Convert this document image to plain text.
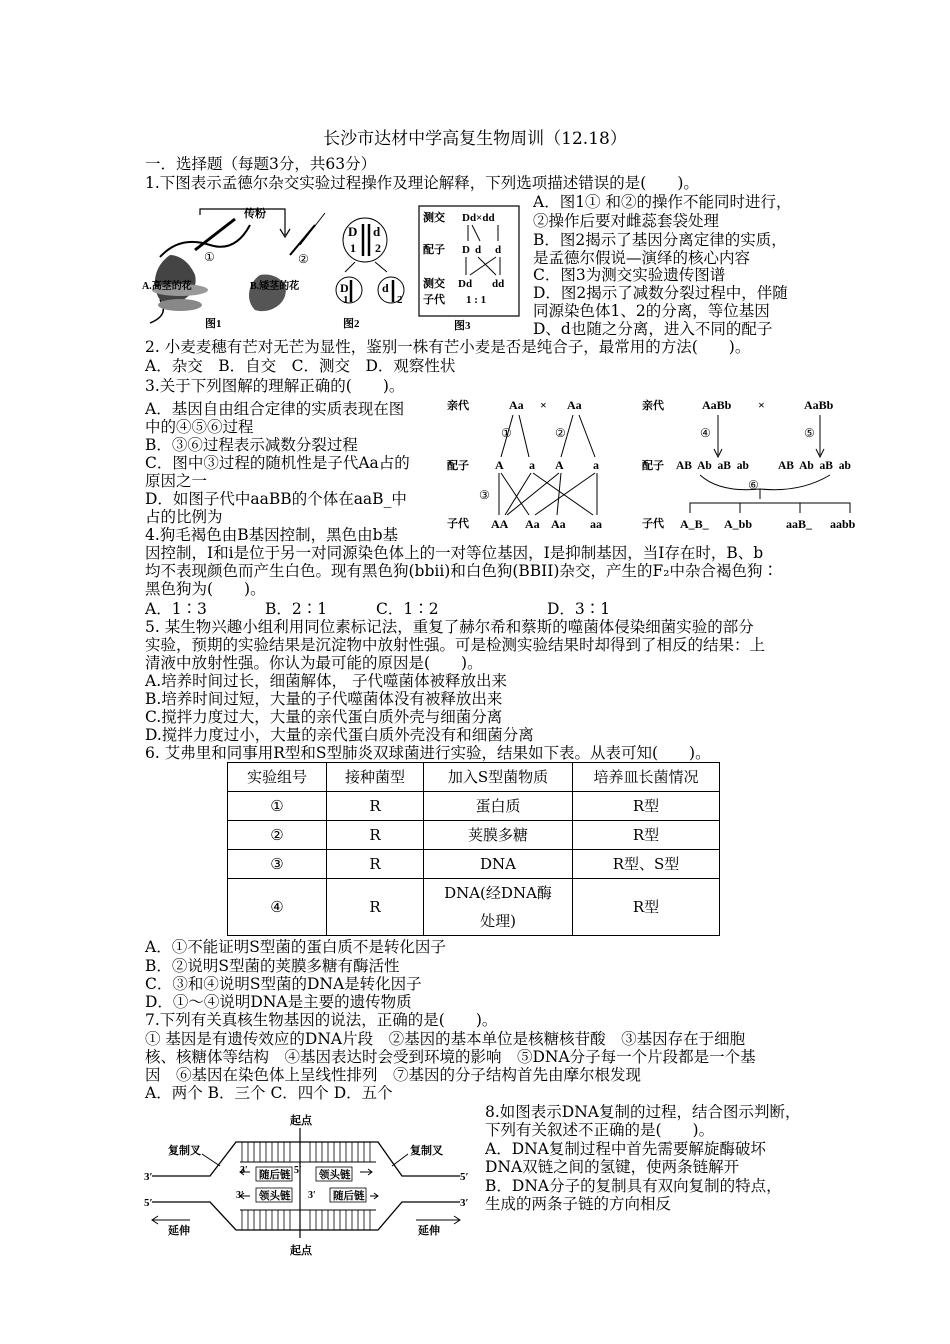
长沙市达材中学高复生物周训（12.18）
一．选择题（每题3分，共63分）
1.下图表示孟德尔杂交实验过程操作及理论解释，下列选项描述错误的是(　　)。
A．图1① 和②的操作不能同时进行，
②操作后要对雌蕊套袋处理
B．图2揭示了基因分离定律的实质，
是孟德尔假说—演绎的核心内容
C．图3为测交实验遗传图谱
D．图2揭示了减数分裂过程中，伴随
同源染色体1、2的分离，等位基因
D、d也随之分离，进入不同的配子
①	②
传粉
A.高茎的花	B.矮茎的花
图1
D d
1 2
D	d
1	2
图2
测交 Dd×dd
配子 D d d
测交 Dd dd
子代 1 : 1
图3
2. 小麦麦穗有芒对无芒为显性，鉴别一株有芒小麦是否是纯合子，最常用的方法(　　)。
A．杂交　B．自交　C．测交　D．观察性状
3.关于下列图解的理解正确的(　　)。
A．基因自由组合定律的实质表现在图
中的④⑤⑥过程
B．③⑥过程表示减数分裂过程
C．图中③过程的随机性是子代Aa占的
原因之一
D．如图子代中aaBB的个体在aaB_中
占的比例为
亲代	Aa × Aa
①	②
配子 A a A a
③
子代 AA Aa Aa aa
亲代	AaBb ×	AaBb
④	⑤
配子 AB  Ab  aB  ab	AB  Ab  aB  ab
⑥
子代 A_B_ A_bb	aaB_ aabb
4.狗毛褐色由B基因控制，黑色由b基
因控制，I和i是位于另一对同源染色体上的一对等位基因，I是抑制基因，当I存在时，B、b
均不表现颜色而产生白色。现有黑色狗(bbii)和白色狗(BBII)杂交，产生的F₂中杂合褐色狗∶
黑色狗为(　　)。
A．1∶3	B．2∶1	C．1∶2	D．3∶1
5. 某生物兴趣小组利用同位素标记法，重复了赫尔希和蔡斯的噬菌体侵染细菌实验的部分
实验，预期的实验结果是沉淀物中放射性强。可是检测实验结果时却得到了相反的结果：上
清液中放射性强。你认为最可能的原因是(　　)。
A.培养时间过长，细菌解体， 子代噬菌体被释放出来
B.培养时间过短，大量的子代噬菌体没有被释放出来
C.搅拌力度过大，大量的亲代蛋白质外壳与细菌分离
D.搅拌力度过小，大量的亲代蛋白质外壳没有和细菌分离
6. 艾弗里和同事用R型和S型肺炎双球菌进行实验，结果如下表。从表可知(　　)。
实验组号	接种菌型	加入S型菌物质	培养皿长菌情况
①	R	蛋白质	R型
②	R	荚膜多糖	R型
③	R	DNA	R型、S型
④	R	DNA(经DNA酶
处理)	R型
A．①不能证明S型菌的蛋白质不是转化因子
B．②说明S型菌的荚膜多糖有酶活性
C．③和④说明S型菌的DNA是转化因子
D．①～④说明DNA是主要的遗传物质
7.下列有关真核生物基因的说法，正确的是(　　)。
① 基因是有遗传效应的DNA片段　②基因的基本单位是核糖核苷酸　③基因存在于细胞
核、核糖体等结构　④基因表达时会受到环境的影响　⑤DNA分子每一个片段都是一个基
因　⑥基因在染色体上呈线性排列　⑦基因的分子结构首先由摩尔根发现
A．两个 B．三个 C．四个 D．五个
8.如图表示DNA复制的过程，结合图示判断，
下列有关叙述不正确的是(　　)。
A．DNA复制过程中首先需要解旋酶破坏
DNA双链之间的氢键，使两条链解开
B．DNA分子的复制具有双向复制的特点，
生成的两条子链的方向相反
起点
起点
随后链	领头链
领头链	随后链
3′
5′
5′
3′
3′	5′
3′	3′
复制叉	复制叉
延伸	延伸
